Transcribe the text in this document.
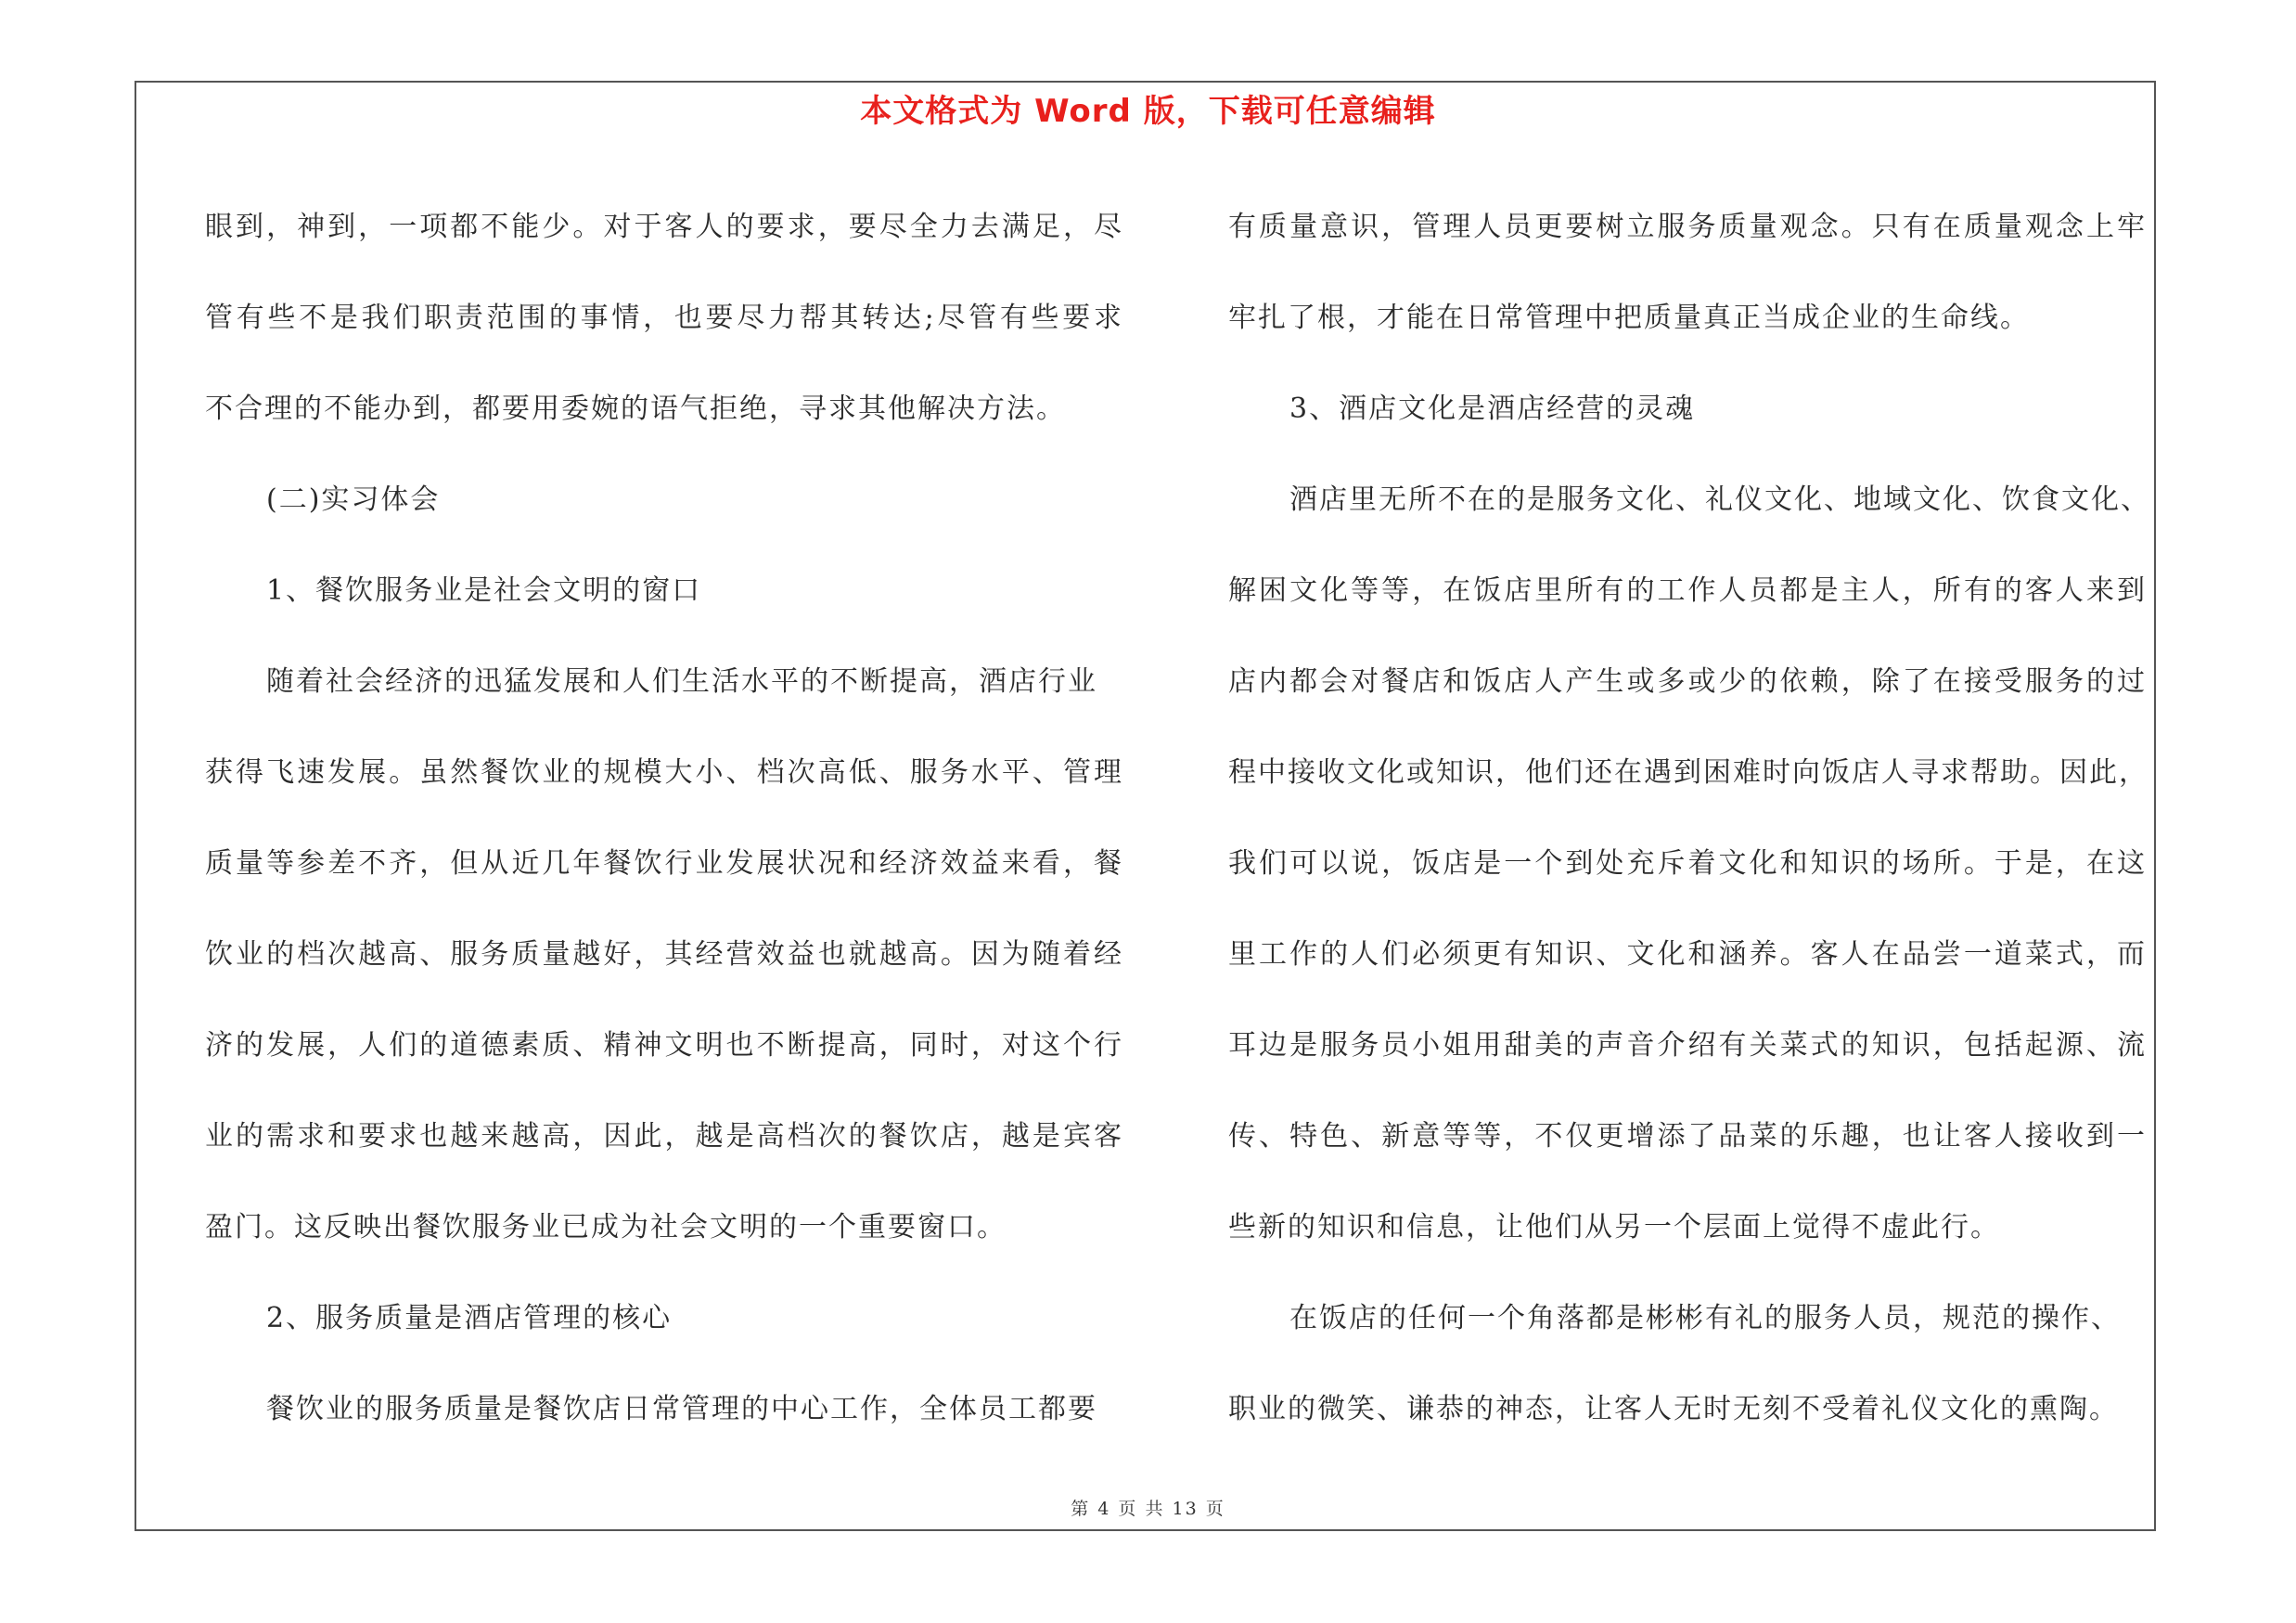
本文格式为 Word 版，下载可任意编辑
眼到，神到，一项都不能少。对于客人的要求，要尽全力去满足，尽
管有些不是我们职责范围的事情，也要尽力帮其转达;尽管有些要求
不合理的不能办到，都要用委婉的语气拒绝，寻求其他解决方法。
(二)实习体会
1、餐饮服务业是社会文明的窗口
随着社会经济的迅猛发展和人们生活水平的不断提高，酒店行业
获得飞速发展。虽然餐饮业的规模大小、档次高低、服务水平、管理
质量等参差不齐，但从近几年餐饮行业发展状况和经济效益来看，餐
饮业的档次越高、服务质量越好，其经营效益也就越高。因为随着经
济的发展，人们的道德素质、精神文明也不断提高，同时，对这个行
业的需求和要求也越来越高，因此，越是高档次的餐饮店，越是宾客
盈门。这反映出餐饮服务业已成为社会文明的一个重要窗口。
2、服务质量是酒店管理的核心
餐饮业的服务质量是餐饮店日常管理的中心工作，全体员工都要
有质量意识，管理人员更要树立服务质量观念。只有在质量观念上牢
牢扎了根，才能在日常管理中把质量真正当成企业的生命线。
3、酒店文化是酒店经营的灵魂
酒店里无所不在的是服务文化、礼仪文化、地域文化、饮食文化、
解困文化等等，在饭店里所有的工作人员都是主人，所有的客人来到
店内都会对餐店和饭店人产生或多或少的依赖，除了在接受服务的过
程中接收文化或知识，他们还在遇到困难时向饭店人寻求帮助。因此，
我们可以说，饭店是一个到处充斥着文化和知识的场所。于是，在这
里工作的人们必须更有知识、文化和涵养。客人在品尝一道菜式，而
耳边是服务员小姐用甜美的声音介绍有关菜式的知识，包括起源、流
传、特色、新意等等，不仅更增添了品菜的乐趣，也让客人接收到一
些新的知识和信息，让他们从另一个层面上觉得不虚此行。
在饭店的任何一个角落都是彬彬有礼的服务人员，规范的操作、
职业的微笑、谦恭的神态，让客人无时无刻不受着礼仪文化的熏陶。
第 4 页 共 13 页
